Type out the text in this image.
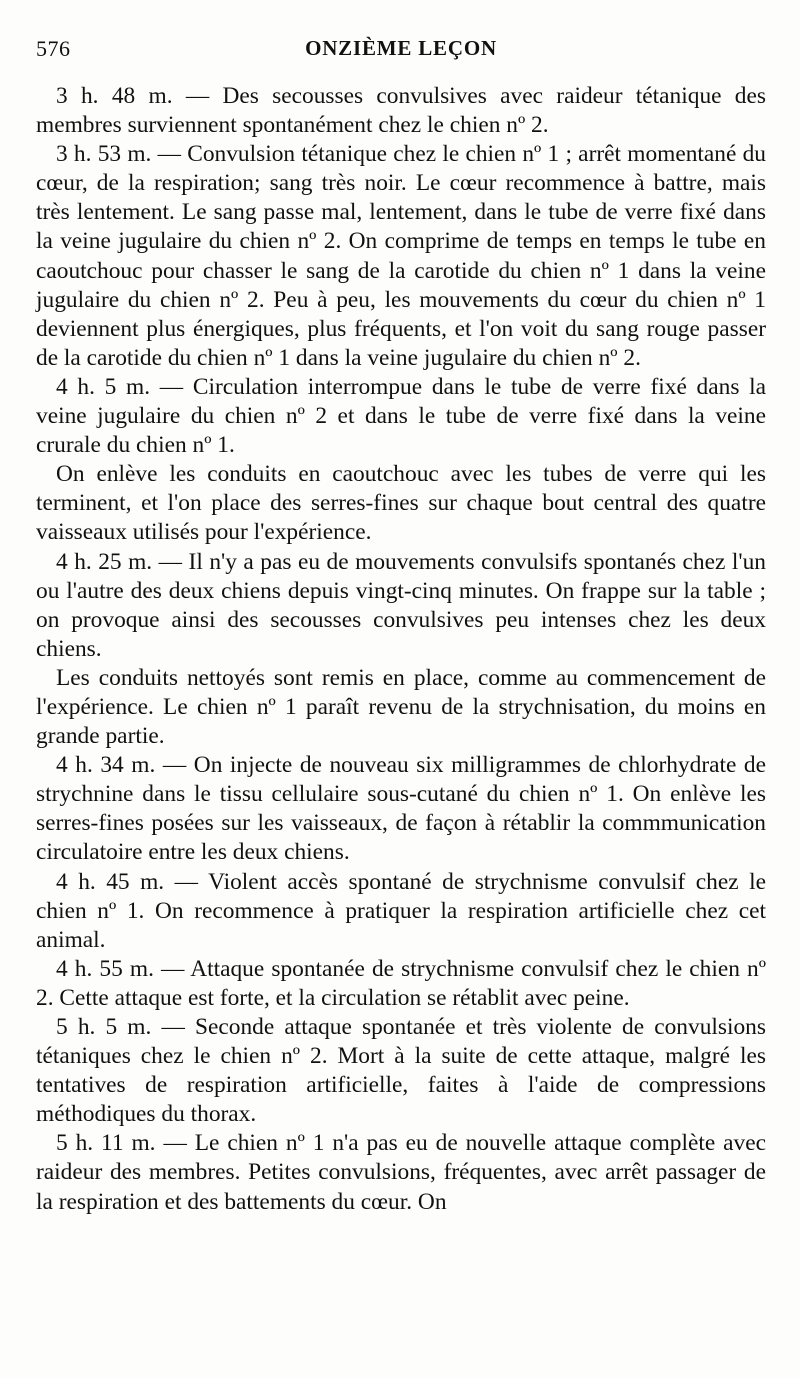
576	ONZIÈME LEÇON

3 h. 48 m. — Des secousses convulsives avec raideur tétanique des membres surviennent spontanément chez le chien nº 2.

3 h. 53 m. — Convulsion tétanique chez le chien nº 1 ; arrêt momentané du cœur, de la respiration; sang très noir. Le cœur recommence à battre, mais très lentement. Le sang passe mal, lentement, dans le tube de verre fixé dans la veine jugulaire du chien nº 2. On comprime de temps en temps le tube en caoutchouc pour chasser le sang de la carotide du chien nº 1 dans la veine jugulaire du chien nº 2. Peu à peu, les mouvements du cœur du chien nº 1 deviennent plus énergiques, plus fréquents, et l'on voit du sang rouge passer de la carotide du chien nº 1 dans la veine jugulaire du chien nº 2.

4 h. 5 m. — Circulation interrompue dans le tube de verre fixé dans la veine jugulaire du chien nº 2 et dans le tube de verre fixé dans la veine crurale du chien nº 1.

On enlève les conduits en caoutchouc avec les tubes de verre qui les terminent, et l'on place des serres-fines sur chaque bout central des quatre vaisseaux utilisés pour l'expérience.

4 h. 25 m. — Il n'y a pas eu de mouvements convulsifs spontanés chez l'un ou l'autre des deux chiens depuis vingt-cinq minutes. On frappe sur la table ; on provoque ainsi des secousses convulsives peu intenses chez les deux chiens.

Les conduits nettoyés sont remis en place, comme au commencement de l'expérience. Le chien nº 1 paraît revenu de la strychnisation, du moins en grande partie.

4 h. 34 m. — On injecte de nouveau six milligrammes de chlorhydrate de strychnine dans le tissu cellulaire sous-cutané du chien nº 1. On enlève les serres-fines posées sur les vaisseaux, de façon à rétablir la commmunication circulatoire entre les deux chiens.

4 h. 45 m. — Violent accès spontané de strychnisme convulsif chez le chien nº 1. On recommence à pratiquer la respiration artificielle chez cet animal.

4 h. 55 m. — Attaque spontanée de strychnisme convulsif chez le chien nº 2. Cette attaque est forte, et la circulation se rétablit avec peine.

5 h. 5 m. — Seconde attaque spontanée et très violente de convulsions tétaniques chez le chien nº 2. Mort à la suite de cette attaque, malgré les tentatives de respiration artificielle, faites à l'aide de compressions méthodiques du thorax.

5 h. 11 m. — Le chien nº 1 n'a pas eu de nouvelle attaque complète avec raideur des membres. Petites convulsions, fréquentes, avec arrêt passager de la respiration et des battements du cœur. On
